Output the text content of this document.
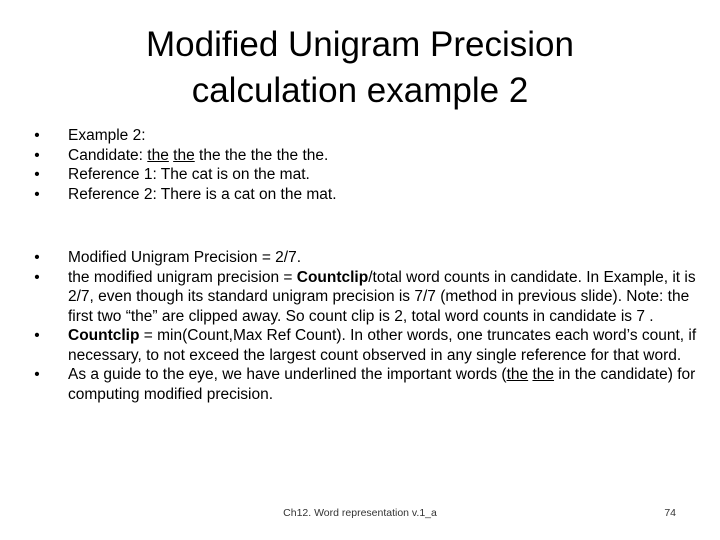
Modified Unigram Precision
calculation example 2
• Example 2:
• Candidate: the the the the the the the.
• Reference 1: The cat is on the mat.
• Reference 2: There is a cat on the mat.
• Modified Unigram Precision = 2/7.
• the modified unigram precision = Countclip/total word counts in candidate. In Example, it is 2/7, even though its standard unigram precision is 7/7 (method in previous slide). Note: the first two “the” are clipped away. So count clip is 2, total word counts in candidate is 7 .
• Countclip = min(Count,Max Ref Count). In other words, one truncates each word’s count, if necessary, to not exceed the largest count observed in any single reference for that word.
• As a guide to the eye, we have underlined the important words (the the in the candidate) for computing modified precision.
Ch12. Word representation v.1_a	74
